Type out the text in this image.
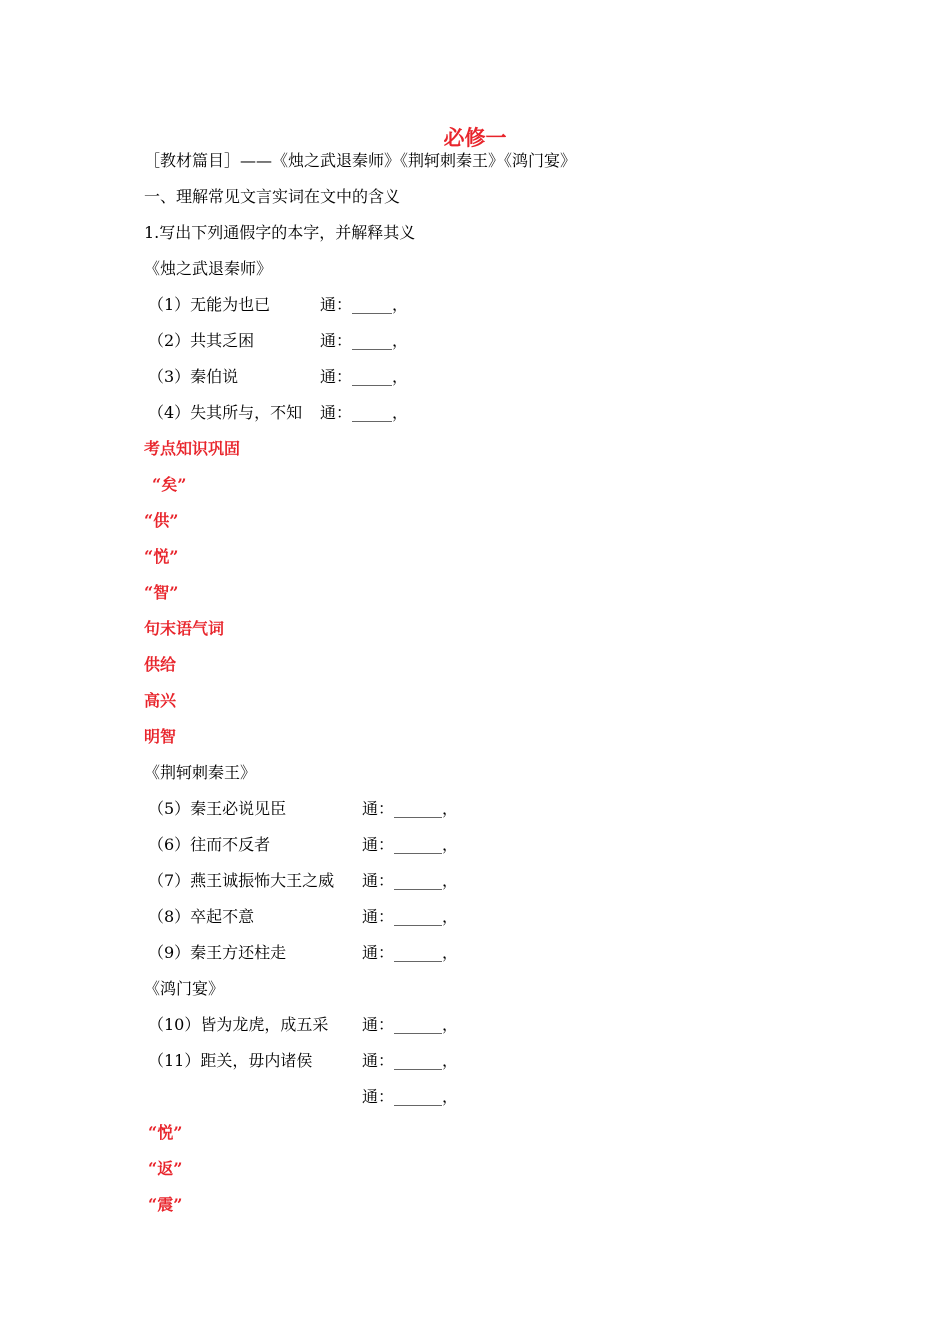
必修一
［教材篇目］——《烛之武退秦师》《荆轲刺秦王》《鸿门宴》
一、理解常见文言实词在文中的含义
1.写出下列通假字的本字，并解释其义
《烛之武退秦师》
（1）无能为也已	通：_____，
（2）共其乏困	通：_____，
（3）秦伯说	通：_____，
（4）失其所与，不知 通：_____，
考点知识巩固
“矣”
“供”
“悦”
“智”
句末语气词
供给
高兴
明智
《荆轲刺秦王》
（5）秦王必说见臣	通：______，
（6）往而不反者	通：______，
（7）燕王诚振怖大王之威 通：______，
（8）卒起不意	通：______，
（9）秦王方还柱走	通：______，
《鸿门宴》
（10）皆为龙虎，成五采 通：______，
（11）距关，毋内诸侯	通：______，
通：______，
“悦”
“返”
“震”
